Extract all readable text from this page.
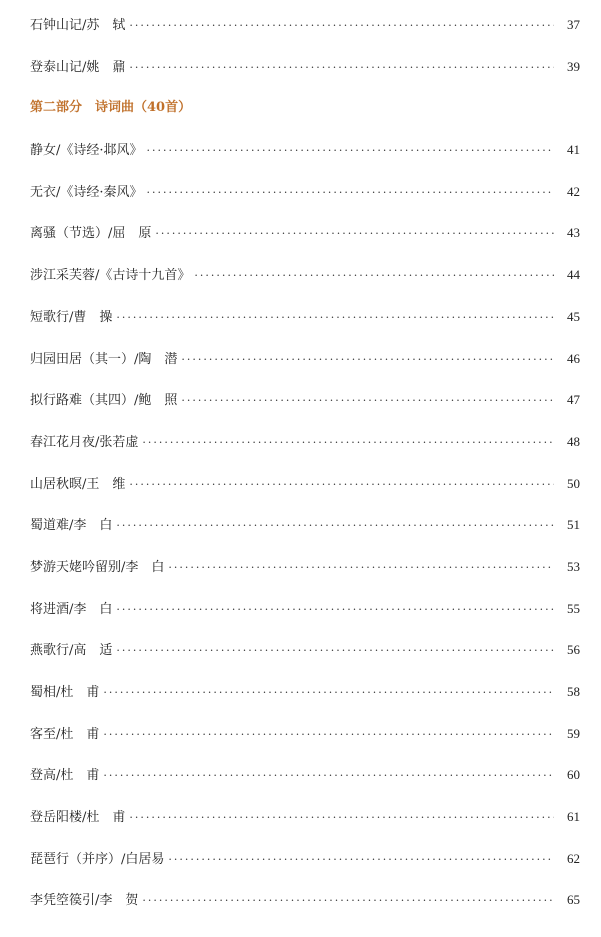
石钟山记/苏　轼 ·····	37
登泰山记/姚　鼐 ·····	39
第二部分　诗词曲（40首）
静女/《诗经·邶风》 ·····	41
无衣/《诗经·秦风》 ·····	42
离骚（节选）/屈　原 ·····	43
涉江采芙蓉/《古诗十九首》 ·····	44
短歌行/曹　操 ·····	45
归园田居（其一）/陶　潜 ·····	46
拟行路难（其四）/鲍　照 ·····	47
春江花月夜/张若虚 ·····	48
山居秋暝/王　维 ·····	50
蜀道难/李　白 ·····	51
梦游天姥吟留别/李　白 ·····	53
将进酒/李　白 ·····	55
燕歌行/高　适 ·····	56
蜀相/杜　甫 ·····	58
客至/杜　甫 ·····	59
登高/杜　甫 ·····	60
登岳阳楼/杜　甫 ·····	61
琵琶行（并序）/白居易 ·····	62
李凭箜篌引/李　贺 ·····	65
